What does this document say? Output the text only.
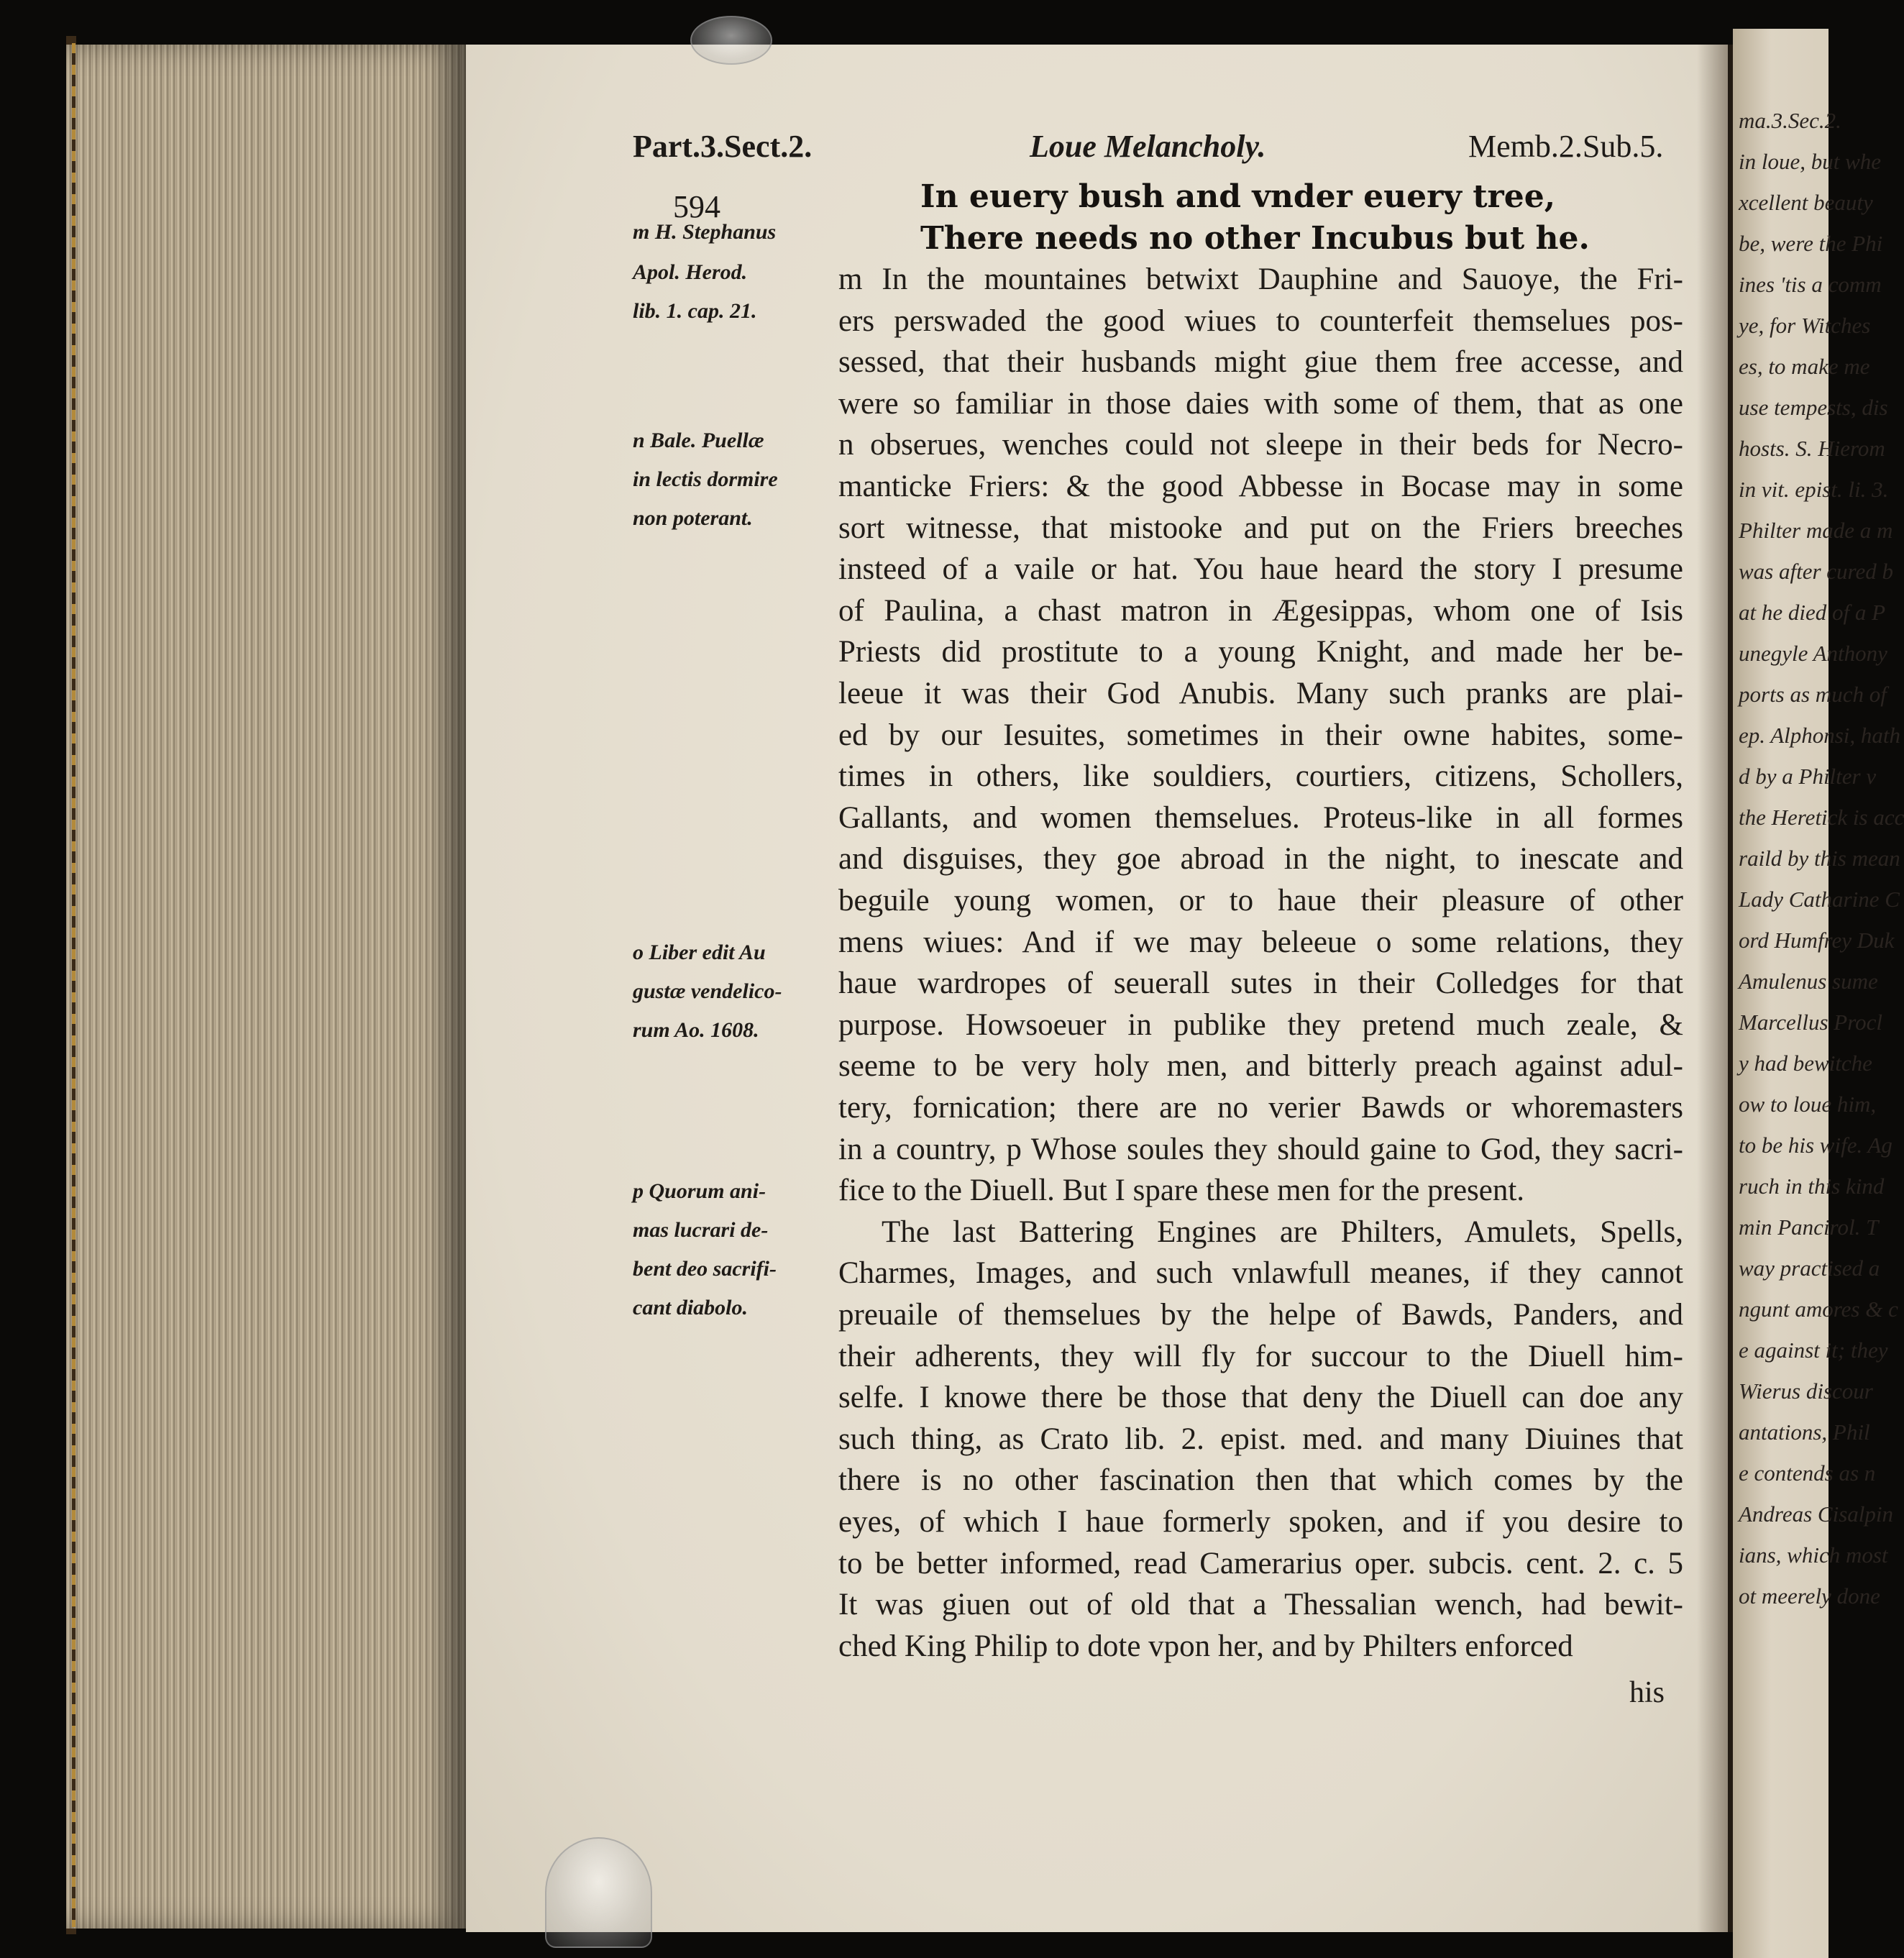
ma.3.Sec.2.
in loue, but whe
xcellent beauty
be, were the Phi
ines 'tis a comm
ye, for Witches
es, to make me
use tempests, dis
hosts. S. Hierom
in vit. epist. li. 3.
Philter made a m
was after cured b
at he died of a P
unegyle Anthony
ports as much of
ep. Alphonsi, hath
d by a Philter v
the Heretick is acc
raild by this mean
Lady Catharine C
ord Humfrey Duk
Amulenus sume
Marcellus Procl
y had bewitche
ow to loue him,
to be his wife. Ag
ruch in this kind
min Pancirol. T
way practised a
ngunt amores & c
e against it; they
Wierus discour
antations, Phil
e contends as n
Andreas Cisalpin
ians, which most
ot meerely done
Part.3.Sect.2.	Loue Melancholy.	Memb.2.Sub.5.
594	In euery bush and vnder euery tree,
There needs no other Incubus but he.
m In the mountaines betwixt Dauphine and Sauoye, the Fri-
ers perswaded the good wiues to counterfeit themselues pos-
sessed, that their husbands might giue them free accesse, and
were so familiar in those daies with some of them, that as one
n obserues, wenches could not sleepe in their beds for Necro-
manticke Friers: & the good Abbesse in Bocase may in some
sort witnesse, that mistooke and put on the Friers breeches
insteed of a vaile or hat. You haue heard the story I presume
of Paulina, a chast matron in Ægesippas, whom one of Isis
Priests did prostitute to a young Knight, and made her be-
leeue it was their God Anubis. Many such pranks are plai-
ed by our Iesuites, sometimes in their owne habites, some-
times in others, like souldiers, courtiers, citizens, Schollers,
Gallants, and women themselues. Proteus-like in all formes
and disguises, they goe abroad in the night, to inescate and
beguile young women, or to haue their pleasure of other
mens wiues: And if we may beleeue o some relations, they
haue wardropes of seuerall sutes in their Colledges for that
purpose. Howsoeuer in publike they pretend much zeale, &
seeme to be very holy men, and bitterly preach against adul-
tery, fornication; there are no verier Bawds or whoremasters
in a country, p Whose soules they should gaine to God, they sacri-
fice to the Diuell. But I spare these men for the present.
The last Battering Engines are Philters, Amulets, Spells,
Charmes, Images, and such vnlawfull meanes, if they cannot
preuaile of themselues by the helpe of Bawds, Panders, and
their adherents, they will fly for succour to the Diuell him-
selfe. I knowe there be those that deny the Diuell can doe any
such thing, as Crato lib. 2. epist. med. and many Diuines that
there is no other fascination then that which comes by the
eyes, of which I haue formerly spoken, and if you desire to
to be better informed, read Camerarius oper. subcis. cent. 2. c. 5
It was giuen out of old that a Thessalian wench, had bewit-
ched King Philip to dote vpon her, and by Philters enforced
m H. Stephanus
Apol. Herod.
lib. 1. cap. 21.
n Bale. Puellæ
in lectis dormire
non poterant.
o Liber edit Au
gustæ vendelico-
rum Ao. 1608.
p Quorum ani-
mas lucrari de-
bent deo sacrifi-
cant diabolo.
his
